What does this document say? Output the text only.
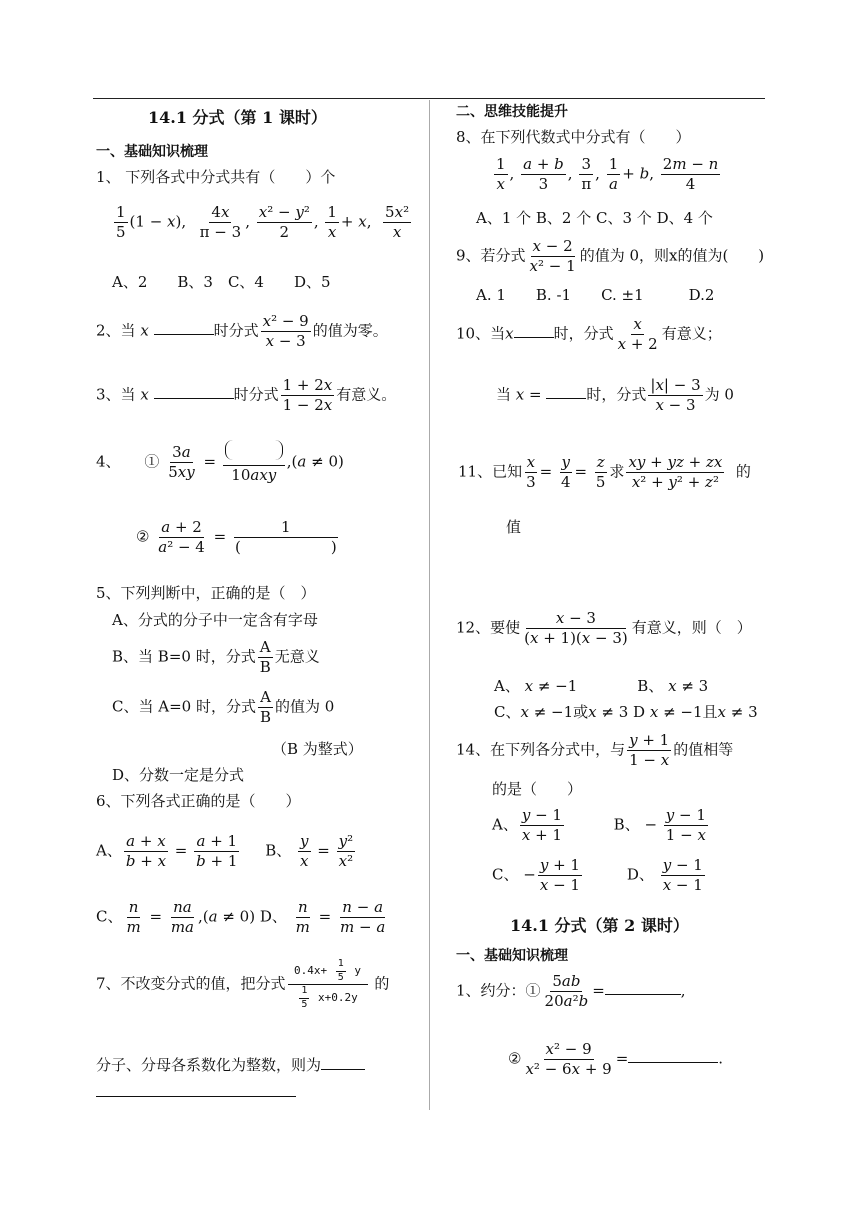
14.1 分式（第 1 课时）
一、基础知识梳理
1、 下列各式中分式共有（　　）个
$\frac{1}{5} (1 - x)$, $\frac{4x}{\pi - 3}$ , $\frac{\text{x² − y²}}{2}$ , $\frac{1}{x} + x$, $\frac{\text{5x²}}{x}$
A、2　　B、3　C、4　　D、5
2、当 x	时分式 $\frac{\text{x² − 9}}{x - 3}$ 的值为零。
3、当 x	时分式 $\frac{1 + 2x}{1 - 2x}$ 有意义。
4、 ① $\frac{3a}{5xy}$ =
10axy
,(a ≠ 0)
② $\frac{a + 2}{\text{a² − 4}} = \frac{1}{( )}$
5、下列判断中，正确的是（　）
A、分式的分子中一定含有字母
B、当 B=0 时，分式 $\frac{A}{B}$ 无意义
C、当 A=0 时，分式 $\frac{A}{B}$ 的值为 0
（B 为整式）
D、分数一定是分式
6、下列各式正确的是（　　）
A、 $\frac{a + x}{b + x} = \frac{a + 1}{b + 1}$ B、 $\frac{y}{x} = \frac{\text{y²}}{\text{x²}}$
C、 $\frac{n}{m} = \frac{na}{ma} ,(a \ne 0)$ D、 $\frac{n}{m} = \frac{n - a}{m - a}$
7、不改变分式的值，把分式 $\frac{0.4x+ \frac{1}{5} y}{\frac{1}{5} x+0.2y}$ 的
分子、分母各系数化为整数，则为
二、思维技能提升
8、在下列代数式中分式有（　　）
$\frac{1}{x}$ , $\frac{a + b}{3}$ , $\frac{3}{\pi}$ , $\frac{1}{a} + b$, $\frac{2m - n}{4}$
A、1 个 B、2 个 C、3 个 D、4 个
9、若分式 $\frac{x - 2}{\text{x² − 1}}$ 的值为 0，则x的值为(　　)
A. 1　　B. -1　　C. ±1　　　D.2
10、当x	时，分式 $\frac{x}{x + 2}$ 有意义；
当 x =	时，分式 $\frac{|x| - 3}{x - 3}$ 为 0
11、已知 $\frac{x}{3} = \frac{y}{4} = \frac{z}{5}$ 求 $\frac{xy + yz + zx}{\text{x² + y² + z²}}$ 的
值
12、要使 $\frac{x - 3}{(x + 1)(x - 3)}$ 有意义，则（　）
A、 x ≠ −1　　　　B、 x ≠ 3
C、x ≠ −1或x ≠ 3 D x ≠ −1且x ≠ 3
14、在下列各分式中，与 $\frac{y + 1}{1 - x}$ 的值相等
的是（　　）
A、 $\frac{y - 1}{x + 1}$ B、 − $\frac{y - 1}{1 - x}$
C、 − $\frac{y + 1}{x - 1}$ D、 $\frac{y - 1}{x - 1}$
14.1 分式（第 2 课时）
一、基础知识梳理
1、约分：① $\frac{5ab}{\text{20a²b}}$ =	,
② $\frac{\text{x² − 9}}{\text{x² − 6x + 9}}$ =	.
